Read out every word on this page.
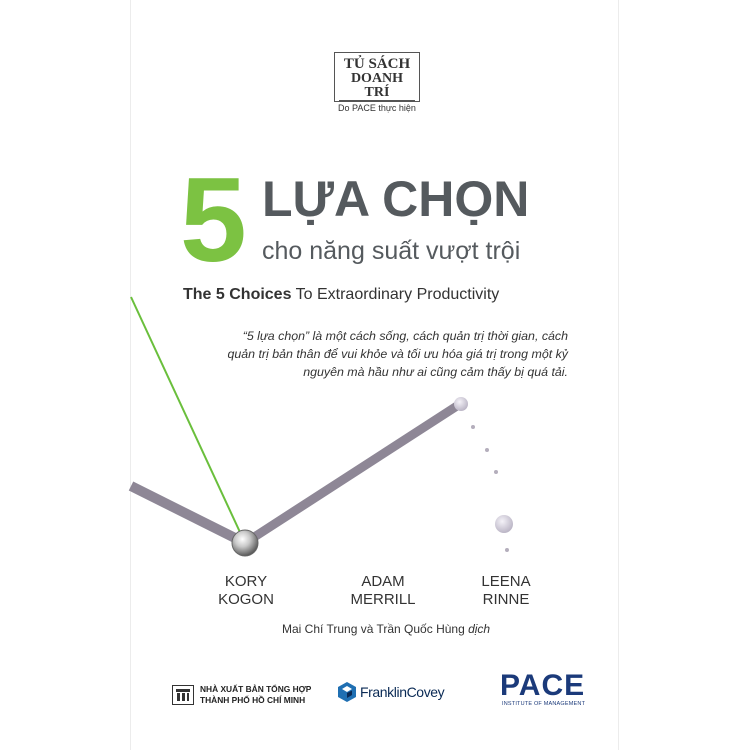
TỦ SÁCH
DOANH TRÍ
Do PACE thực hiện
5 LỰA CHỌN
cho năng suất vượt trội
The 5 Choices To Extraordinary Productivity
“5 lựa chọn” là một cách sống, cách quản trị thời gian, cách quản trị bản thân để vui khỏe và tối ưu hóa giá trị trong một kỷ nguyên mà hầu như ai cũng cảm thấy bị quá tải.
KORY
KOGON
ADAM
MERRILL
LEENA
RINNE
Mai Chí Trung và Trần Quốc Hùng dịch
NHÀ XUẤT BẢN TỔNG HỢP
THÀNH PHỐ HỒ CHÍ MINH	FranklinCovey PACE
INSTITUTE OF MANAGEMENT
